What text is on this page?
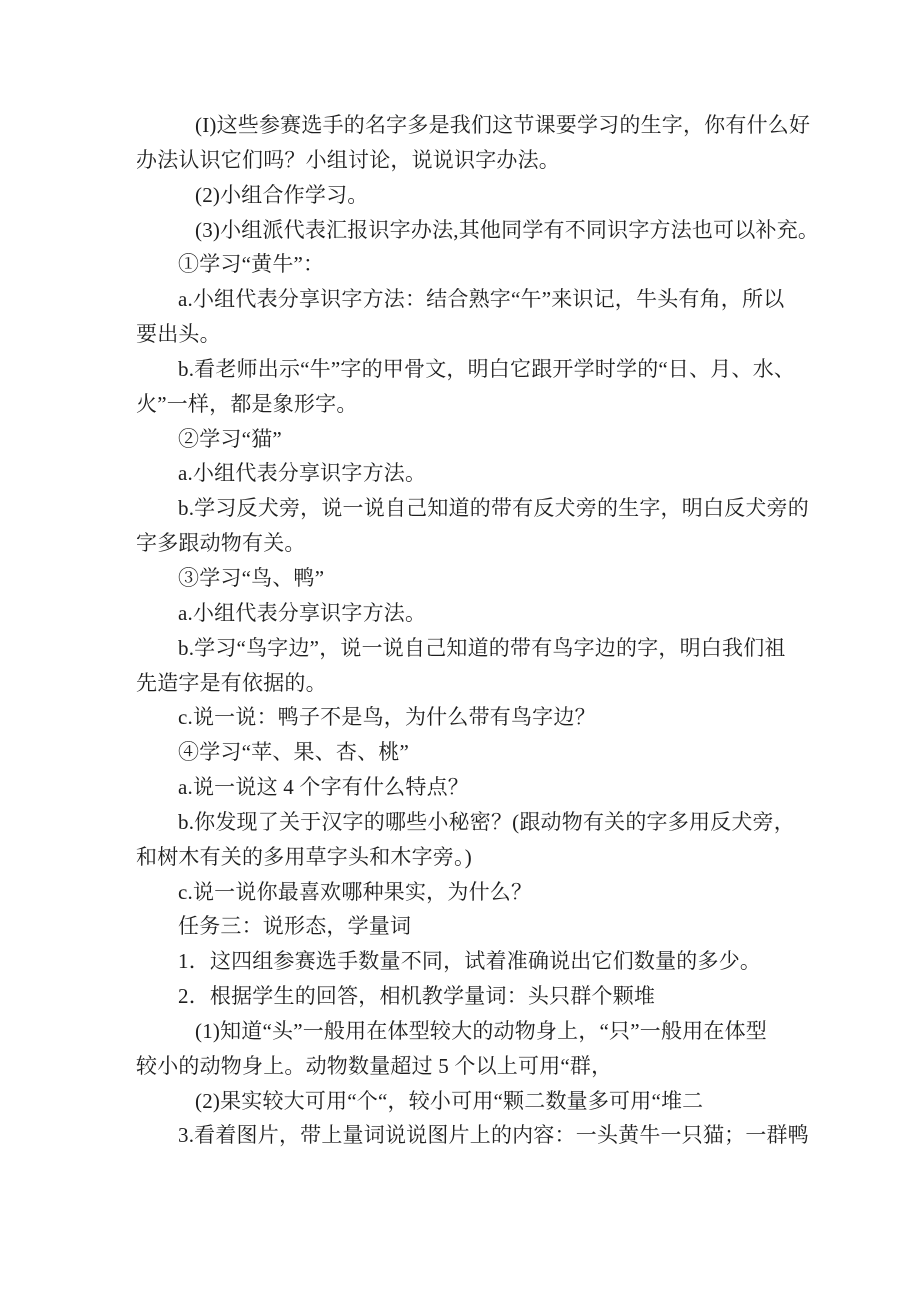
(I)这些参赛选手的名字多是我们这节课要学习的生字，你有什么好
办法认识它们吗？小组讨论，说说识字办法。
(2)小组合作学习。
(3)小组派代表汇报识字办法,其他同学有不同识字方法也可以补充。
①学习“黄牛”：
a.小组代表分享识字方法：结合熟字“午”来识记，牛头有角，所以
要出头。
b.看老师出示“牛”字的甲骨文，明白它跟开学时学的“日、月、水、
火”一样，都是象形字。
②学习“猫”
a.小组代表分享识字方法。
b.学习反犬旁，说一说自己知道的带有反犬旁的生字，明白反犬旁的
字多跟动物有关。
③学习“鸟、鸭”
a.小组代表分享识字方法。
b.学习“鸟字边”，说一说自己知道的带有鸟字边的字，明白我们祖
先造字是有依据的。
c.说一说：鸭子不是鸟，为什么带有鸟字边？
④学习“苹、果、杏、桃”
a.说一说这 4 个字有什么特点？
b.你发现了关于汉字的哪些小秘密？(跟动物有关的字多用反犬旁，
和树木有关的多用草字头和木字旁。)
c.说一说你最喜欢哪种果实，为什么？
任务三：说形态，学量词
1．这四组参赛选手数量不同，试着准确说出它们数量的多少。
2．根据学生的回答，相机教学量词：头只群个颗堆
(1)知道“头”一般用在体型较大的动物身上，“只”一般用在体型
较小的动物身上。动物数量超过 5 个以上可用“群，
(2)果实较大可用“个“，较小可用“颗二数量多可用“堆二
3.看着图片，带上量词说说图片上的内容：一头黄牛一只猫；一群鸭
